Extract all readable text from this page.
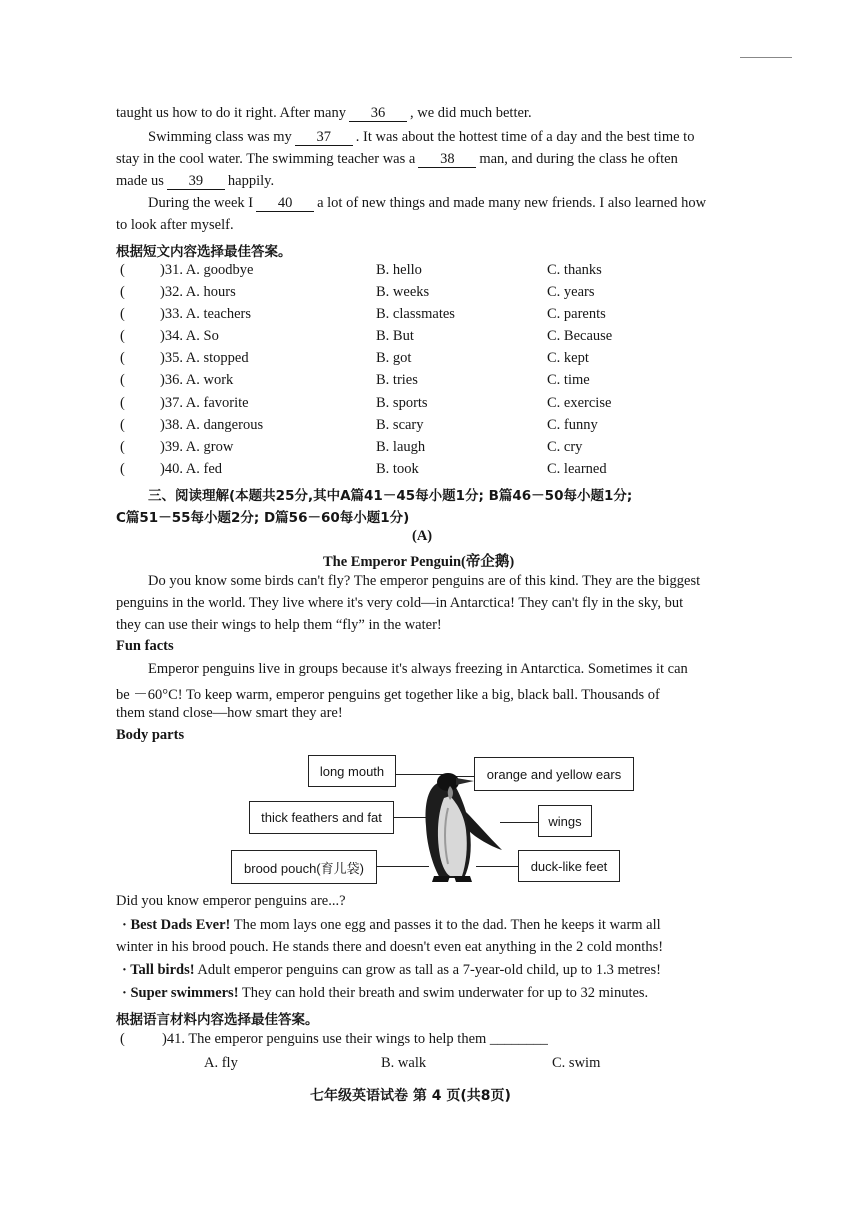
taught us how to do it right. After many 36 , we did much better.
Swimming class was my 37 . It was about the hottest time of a day and the best time to
stay in the cool water. The swimming teacher was a 38 man, and during the class he often
made us 39 happily.
During the week I 40 a lot of new things and made many new friends. I also learned how
to look after myself.
根据短文内容选择最佳答案。
( )31. A. goodbye	B. hello	C. thanks
( )32. A. hours	B. weeks	C. years
( )33. A. teachers	B. classmates	C. parents
( )34. A. So	B. But	C. Because
( )35. A. stopped	B. got	C. kept
( )36. A. work	B. tries	C. time
( )37. A. favorite	B. sports	C. exercise
( )38. A. dangerous	B. scary	C. funny
( )39. A. grow	B. laugh	C. cry
( )40. A. fed	B. took	C. learned
三、阅读理解(本题共25分,其中A篇41－45每小题1分; B篇46－50每小题1分;
C篇51－55每小题2分; D篇56－60每小题1分)
(A)
The Emperor Penguin(帝企鹅)
Do you know some birds can't fly? The emperor penguins are of this kind. They are the biggest
penguins in the world. They live where it's very cold—in Antarctica! They can't fly in the sky, but
they can use their wings to help them “fly” in the water!
Fun facts
Emperor penguins live in groups because it's always freezing in Antarctica. Sometimes it can
be －60°C! To keep warm, emperor penguins get together like a big, black ball. Thousands of
them stand close—how smart they are!
Body parts
long mouth	orange and yellow ears
thick feathers and fat	wings
brood pouch(育儿袋)	duck-like feet
Did you know emperor penguins are...?
· Best Dads Ever! The mom lays one egg and passes it to the dad. Then he keeps it warm all
winter in his brood pouch. He stands there and doesn't even eat anything in the 2 cold months!
· Tall birds! Adult emperor penguins can grow as tall as a 7-year-old child, up to 1.3 metres!
· Super swimmers! They can hold their breath and swim underwater for up to 32 minutes.
根据语言材料内容选择最佳答案。
(	)41. The emperor penguins use their wings to help them ________
A. fly	B. walk	C. swim
七年级英语试卷 第 4 页(共8页)
